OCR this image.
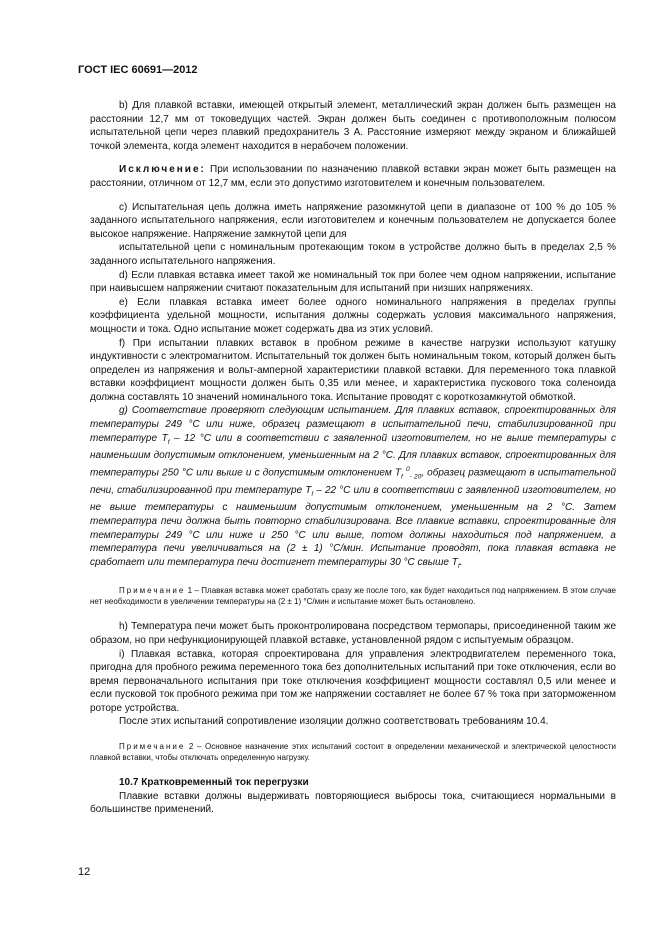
ГОСТ IEC 60691—2012

b) Для плавкой вставки, имеющей открытый элемент, металлический экран должен быть размещен на расстоянии 12,7 мм от токоведущих частей. Экран должен быть соединен с противоположным полюсом испытательной цепи через плавкий предохранитель 3 А. Расстояние измеряют между экраном и ближайшей точкой элемента, когда элемент находится в нерабочем положении.

Исключение: При использовании по назначению плавкой вставки экран может быть размещен на расстоянии, отличном от 12,7 мм, если это допустимо изготовителем и конечным пользователем.

c) Испытательная цепь должна иметь напряжение разомкнутой цепи в диапазоне от 100 % до 105 % заданного испытательного напряжения, если изготовителем и конечным пользователем не допускается более высокое напряжение. Напряжение замкнутой цепи для

испытательной цепи с номинальным протекающим током в устройстве должно быть в пределах 2,5 % заданного испытательного напряжения.

d) Если плавкая вставка имеет такой же номинальный ток при более чем одном напряжении, испытание при наивысшем напряжении считают показательным для испытаний при низших напряжениях.

e) Если плавкая вставка имеет более одного номинального напряжения в пределах группы коэффициента удельной мощности, испытания должны содержать условия максимального напряжения, мощности и тока. Одно испытание может содержать два из этих условий.

f) При испытании плавких вставок в пробном режиме в качестве нагрузки используют катушку индуктивности с электромагнитом. Испытательный ток должен быть номинальным током, который должен быть определен из напряжения и вольт-амперной характеристики плавкой вставки. Для переменного тока плавкой вставки коэффициент мощности должен быть 0,35 или менее, и характеристика пускового тока соленоида должна составлять 10 значений номинального тока. Испытание проводят с короткозамкнутой обмоткой.

g) Соответствие проверяют следующим испытанием. Для плавких вставок, спроектированных для температуры 249 °С или ниже, образец размещают в испытательной печи, стабилизированной при температуре $T_f - 12$ °С или в соответствии с заявленной изготовителем, но не выше температуры с наименьшим допустимым отклонением, уменьшенным на 2 °С. Для плавких вставок, спроектированных для температуры 250 °С или выше и с допустимым отклонением $T_f$ $^0_{- 20}$, образец размещают в испытательной печи, стабилизированной при температуре $T_f - 22$ °С или в соответствии с заявленной изготовителем, но не выше температуры с наименьшим допустимым отклонением, уменьшенным на 2 °С. Затем температура печи должна быть повторно стабилизирована. Все плавкие вставки, спроектированные для температуры 249 °С или ниже и 250 °С или выше, потом должны находиться под напряжением, а температура печи увеличиваться на (2 ± 1) °С/мин. Испытание проводят, пока плавкая вставка не сработает или температура печи достигнет температуры 30 °С свыше $T_f$.

Примечание 1 – Плавкая вставка может сработать сразу же после того, как будет находиться под напряжением. В этом случае нет необходимости в увеличении температуры на (2 ± 1) °С/мин и испытание может быть остановлено.

h) Температура печи может быть проконтролирована посредством термопары, присоединенной таким же образом, но при нефункционирующей плавкой вставке, установленной рядом с испытуемым образцом.

i) Плавкая вставка, которая спроектирована для управления электродвигателем переменного тока, пригодна для пробного режима переменного тока без дополнительных испытаний при токе отключения, если во время первоначального испытания при токе отключения коэффициент мощности составлял 0,5 или менее и если пусковой ток пробного режима при том же напряжении составляет не более 67 % тока при заторможенном роторе устройства.

После этих испытаний сопротивление изоляции должно соответствовать требованиям 10.4.

Примечание 2 – Основное назначение этих испытаний состоит в определении механической и электрической целостности плавкой вставки, чтобы отключать определенную нагрузку.

10.7 Кратковременный ток перегрузки

Плавкие вставки должны выдерживать повторяющиеся выбросы тока, считающиеся нормальными в большинстве применений.

12
